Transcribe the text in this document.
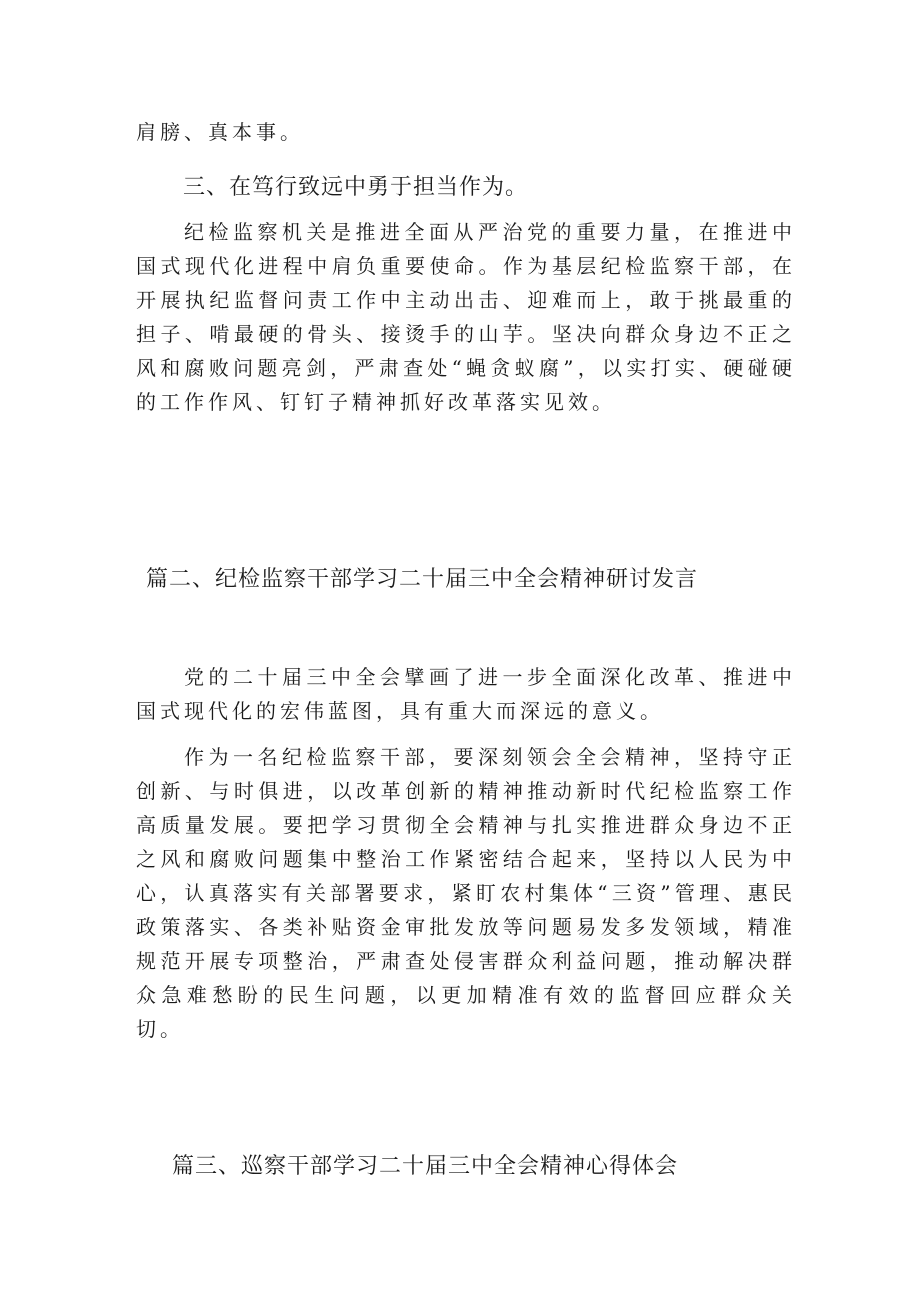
肩膀、真本事。

三、在笃行致远中勇于担当作为。

纪检监察机关是推进全面从严治党的重要力量，在推进中国式现代化进程中肩负重要使命。作为基层纪检监察干部，在开展执纪监督问责工作中主动出击、迎难而上，敢于挑最重的担子、啃最硬的骨头、接烫手的山芋。坚决向群众身边不正之风和腐败问题亮剑，严肃查处“蝇贪蚁腐”，以实打实、硬碰硬的工作作风、钉钉子精神抓好改革落实见效。

篇二、纪检监察干部学习二十届三中全会精神研讨发言

党的二十届三中全会擘画了进一步全面深化改革、推进中国式现代化的宏伟蓝图，具有重大而深远的意义。

作为一名纪检监察干部，要深刻领会全会精神，坚持守正创新、与时俱进，以改革创新的精神推动新时代纪检监察工作高质量发展。要把学习贯彻全会精神与扎实推进群众身边不正之风和腐败问题集中整治工作紧密结合起来，坚持以人民为中心，认真落实有关部署要求，紧盯农村集体“三资”管理、惠民政策落实、各类补贴资金审批发放等问题易发多发领域，精准规范开展专项整治，严肃查处侵害群众利益问题，推动解决群众急难愁盼的民生问题，以更加精准有效的监督回应群众关切。

篇三、巡察干部学习二十届三中全会精神心得体会
